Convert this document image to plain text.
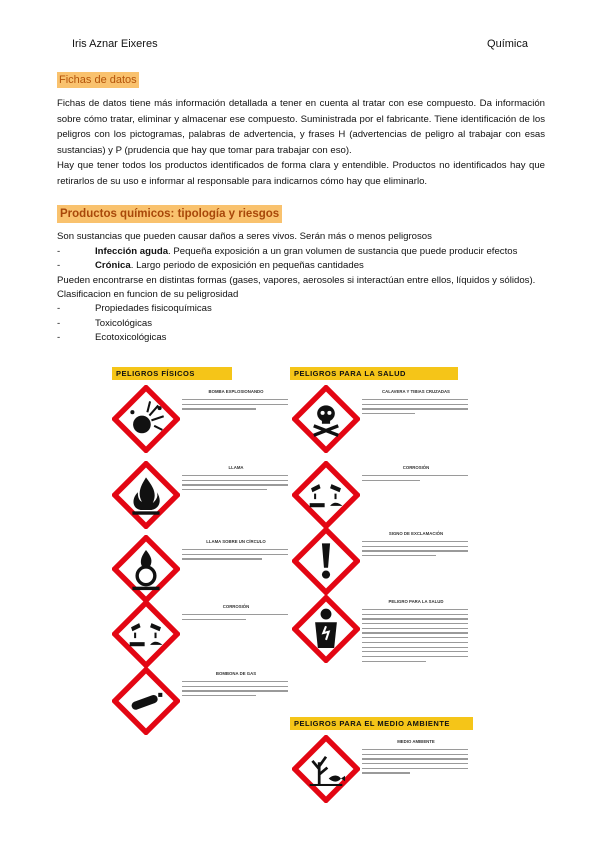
Iris Aznar Eixeres	Química
Fichas de datos
Fichas de datos tiene más información detallada a tener en cuenta al tratar con ese compuesto. Da información sobre cómo tratar, eliminar y almacenar ese compuesto. Suministrada por el fabricante. Tiene identificación de los peligros con los pictogramas, palabras de advertencia, y frases H (advertencias de peligro al trabajar con esas sustancias) y P (prudencia que hay que tomar para trabajar con eso).
Hay que tener todos los productos identificados de forma clara y entendible. Productos no identificados hay que retirarlos de su uso e informar al responsable para indicarnos cómo hay que eliminarlo.
Productos químicos: tipología y riesgos
Son sustancias que pueden causar daños a seres vivos. Serán más o menos peligrosos
-	Infección aguda. Pequeña exposición a un gran volumen de sustancia que puede producir efectos
-	Crónica. Largo periodo de exposición en pequeñas cantidades
Pueden encontrarse en distintas formas (gases, vapores, aerosoles si interactúan entre ellos, líquidos y sólidos).
Clasificacion en funcion de su peligrosidad
-	Propiedades fisicoquímicas
-	Toxicológicas
-	Ecotoxicológicas
PELIGROS FÍSICOS	PELIGROS PARA LA SALUD
PELIGROS PARA EL MEDIO AMBIENTE
BOMBA EXPLOSIONANDO
LLAMA
LLAMA SOBRE UN CÍRCULO
CORROSIÓN
BOMBONA DE GAS
CALAVERA Y TIBIAS CRUZADAS
CORROSIÓN
SIGNO DE EXCLAMACIÓN
PELIGRO PARA LA SALUD
MEDIO AMBIENTE
